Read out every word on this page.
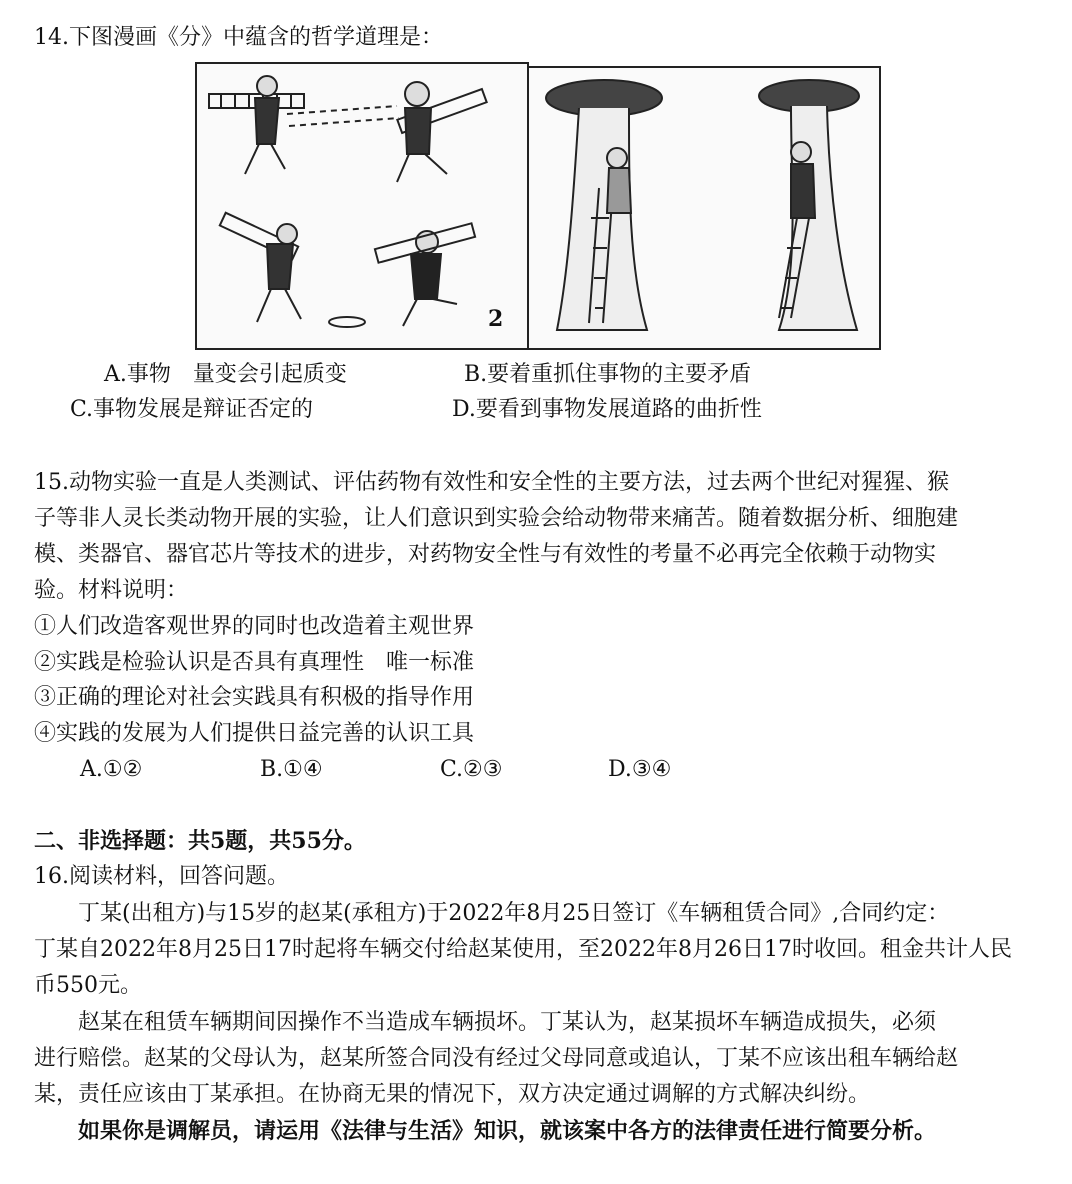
14.下图漫画《分》中蕴含的哲学道理是：
2
A.事物　量变会引起质变	B.要着重抓住事物的主要矛盾
C.事物发展是辩证否定的	D.要看到事物发展道路的曲折性
15.动物实验一直是人类测试、评估药物有效性和安全性的主要方法，过去两个世纪对猩猩、猴
子等非人灵长类动物开展的实验，让人们意识到实验会给动物带来痛苦。随着数据分析、细胞建
模、类器官、器官芯片等技术的进步，对药物安全性与有效性的考量不必再完全依赖于动物实
验。材料说明：
①人们改造客观世界的同时也改造着主观世界
②实践是检验认识是否具有真理性　唯一标准
③正确的理论对社会实践具有积极的指导作用
④实践的发展为人们提供日益完善的认识工具
A.①②	B.①④	C.②③	D.③④
二、非选择题：共5题，共55分。
16.阅读材料，回答问题。
　　丁某(出租方)与15岁的赵某(承租方)于2022年8月25日签订《车辆租赁合同》,合同约定：
丁某自2022年8月25日17时起将车辆交付给赵某使用，至2022年8月26日17时收回。租金共计人民
币550元。
　　赵某在租赁车辆期间因操作不当造成车辆损坏。丁某认为，赵某损坏车辆造成损失，必须
进行赔偿。赵某的父母认为，赵某所签合同没有经过父母同意或追认，丁某不应该出租车辆给赵
某，责任应该由丁某承担。在协商无果的情况下，双方决定通过调解的方式解决纠纷。
　　如果你是调解员，请运用《法律与生活》知识，就该案中各方的法律责任进行简要分析。
